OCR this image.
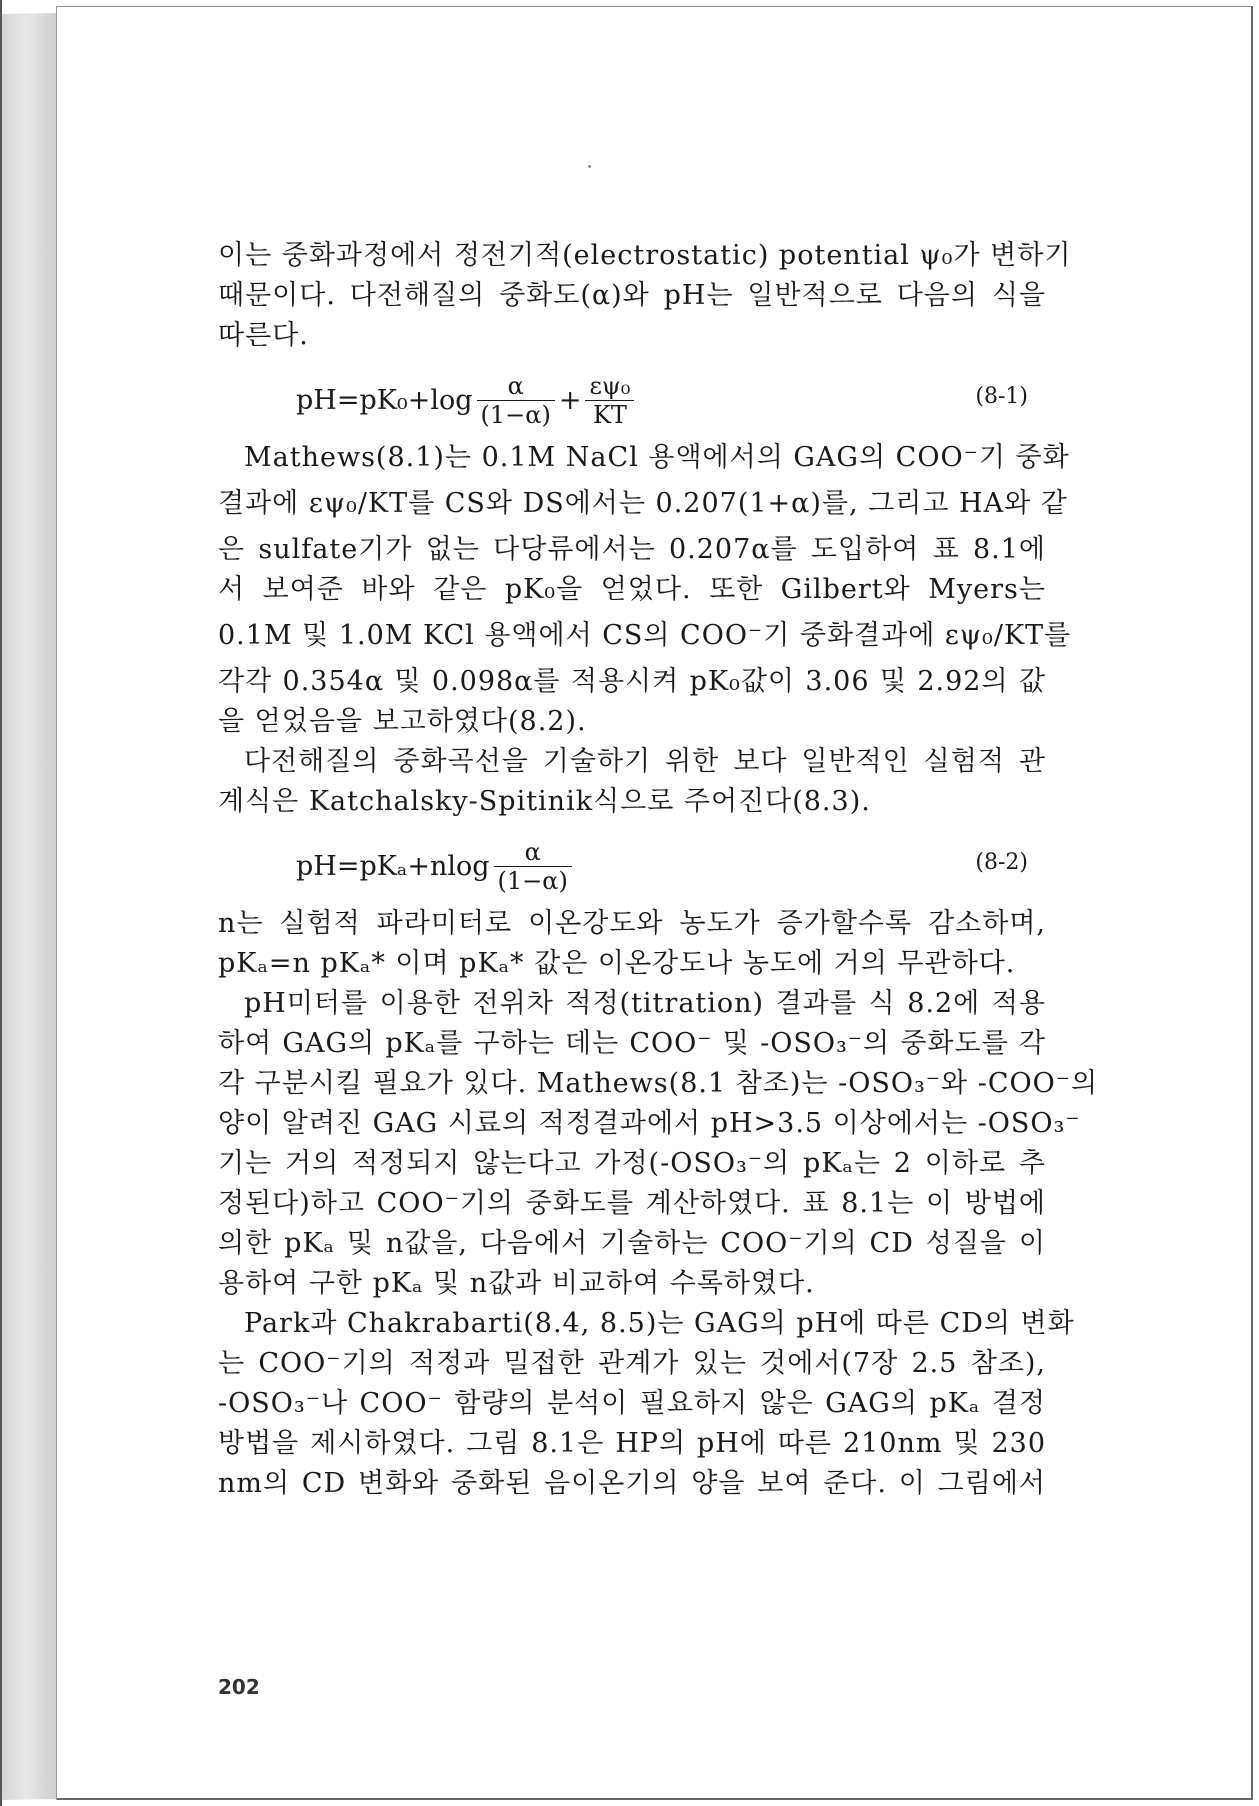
이는 중화과정에서 정전기적(electrostatic) potential ψ₀가 변하기
때문이다. 다전해질의 중화도(α)와 pH는 일반적으로 다음의 식을
따른다.
$pH=pK_0+\log \frac{\alpha}{(1-\alpha)} + \frac{\text{εψ₀}}{KT}$	(8-1)
Mathews(8.1)는 0.1M NaCl 용액에서의 GAG의 COO⁻기 중화
결과에 εψ₀/KT를 CS와 DS에서는 0.207(1+α)를, 그리고 HA와 같
은 sulfate기가 없는 다당류에서는 0.207α를 도입하여 표 8.1에
서 보여준 바와 같은 pK₀을 얻었다. 또한 Gilbert와 Myers는
0.1M 및 1.0M KCl 용액에서 CS의 COO⁻기 중화결과에 εψ₀/KT를
각각 0.354α 및 0.098α를 적용시켜 pK₀값이 3.06 및 2.92의 값
을 얻었음을 보고하였다(8.2).
다전해질의 중화곡선을 기술하기 위한 보다 일반적인 실험적 관
계식은 Katchalsky-Spitinik식으로 주어진다(8.3).
$pH=pK_a+nlog \frac{\alpha}{(1-\alpha)}$	(8-2)
n는 실험적 파라미터로 이온강도와 농도가 증가할수록 감소하며,
pKₐ=n pKₐ* 이며 pKₐ* 값은 이온강도나 농도에 거의 무관하다.
pH미터를 이용한 전위차 적정(titration) 결과를 식 8.2에 적용
하여 GAG의 pKₐ를 구하는 데는 COO⁻ 및 -OSO₃⁻의 중화도를 각
각 구분시킬 필요가 있다. Mathews(8.1 참조)는 -OSO₃⁻와 -COO⁻의
양이 알려진 GAG 시료의 적정결과에서 pH>3.5 이상에서는 -OSO₃⁻
기는 거의 적정되지 않는다고 가정(-OSO₃⁻의 pKₐ는 2 이하로 추
정된다)하고 COO⁻기의 중화도를 계산하였다. 표 8.1는 이 방법에
의한 pKₐ 및 n값을, 다음에서 기술하는 COO⁻기의 CD 성질을 이
용하여 구한 pKₐ 및 n값과 비교하여 수록하였다.
Park과 Chakrabarti(8.4, 8.5)는 GAG의 pH에 따른 CD의 변화
는 COO⁻기의 적정과 밀접한 관계가 있는 것에서(7장 2.5 참조),
-OSO₃⁻나 COO⁻ 함량의 분석이 필요하지 않은 GAG의 pKₐ 결정
방법을 제시하였다. 그림 8.1은 HP의 pH에 따른 210nm 및 230
nm의 CD 변화와 중화된 음이온기의 양을 보여 준다. 이 그림에서
202
